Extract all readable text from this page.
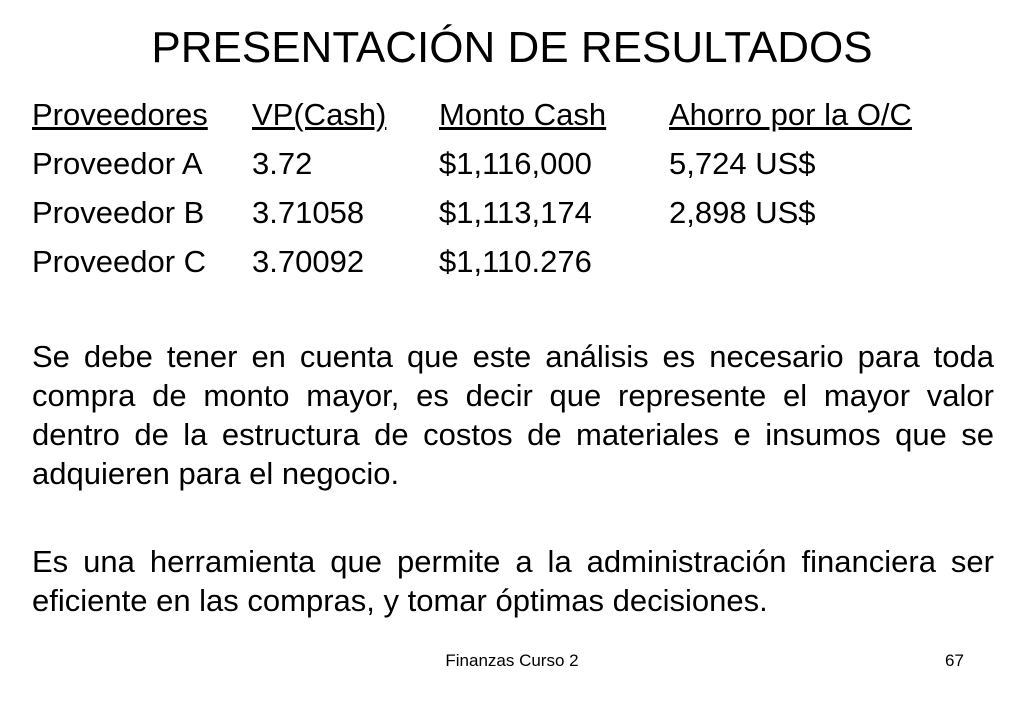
PRESENTACIÓN DE RESULTADOS
Proveedores	VP(Cash)	Monto Cash	Ahorro por la O/C
Proveedor A	3.72	$1,116,000	5,724 US$
Proveedor B	3.71058	$1,113,174	2,898 US$
Proveedor C	3.70092	$1,110.276	

Se debe tener en cuenta que este análisis es necesario para toda compra de monto mayor, es decir que represente el mayor valor dentro de la estructura de costos de materiales e insumos que se adquieren para el negocio.

Es una herramienta que permite a la administración financiera ser eficiente en las compras, y tomar óptimas decisiones.

Finanzas Curso 2	67
